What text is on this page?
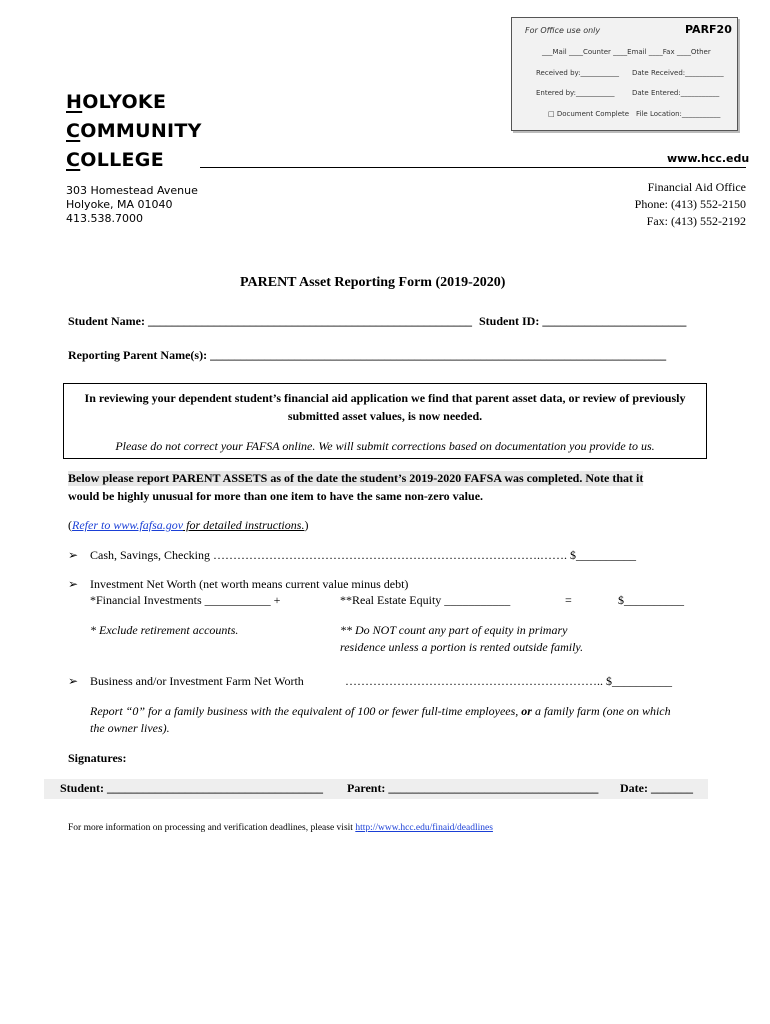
For Office use only	PARF20
___Mail ____Counter ____Email ____Fax ____Other
Received by:___________ Date Received:___________
Entered by:___________ Date Entered:___________
□ Document Complete File Location:___________
HOLYOKE
COMMUNITY
COLLEGE	www.hcc.edu
303 Homestead Avenue
Holyoke, MA 01040
413.538.7000
Financial Aid Office
Phone: (413) 552-2150
Fax: (413) 552-2192
PARENT Asset Reporting Form (2019-2020)
Student Name: ______________________________________________________ Student ID: ________________________
Reporting Parent Name(s): ____________________________________________________________________________
In reviewing your dependent student’s financial aid application we find that parent asset data, or review of previously
submitted asset values, is now needed.
Please do not correct your FAFSA online. We will submit corrections based on documentation you provide to us.
Below please report PARENT ASSETS as of the date the student’s 2019-2020 FAFSA was completed. Note that it
would be highly unusual for more than one item to have the same non-zero value.
(Refer to www.fafsa.gov for detailed instructions.)
➢ Cash, Savings, Checking ……………………………………………………………………….……. $__________
➢ Investment Net Worth (net worth means current value minus debt)
*Financial Investments ___________ +	**Real Estate Equity ___________	=	$__________
* Exclude retirement accounts.	** Do NOT count any part of equity in primary
residence unless a portion is rented outside family.
➢ Business and/or Investment Farm Net Worth	……………………………………………………….. $__________
Report “0” for a family business with the equivalent of 100 or fewer full-time employees, or a family farm (one on which
the owner lives).
Signatures:
Student: ____________________________________ Parent: ___________________________________ Date: _______
For more information on processing and verification deadlines, please visit http://www.hcc.edu/finaid/deadlines
